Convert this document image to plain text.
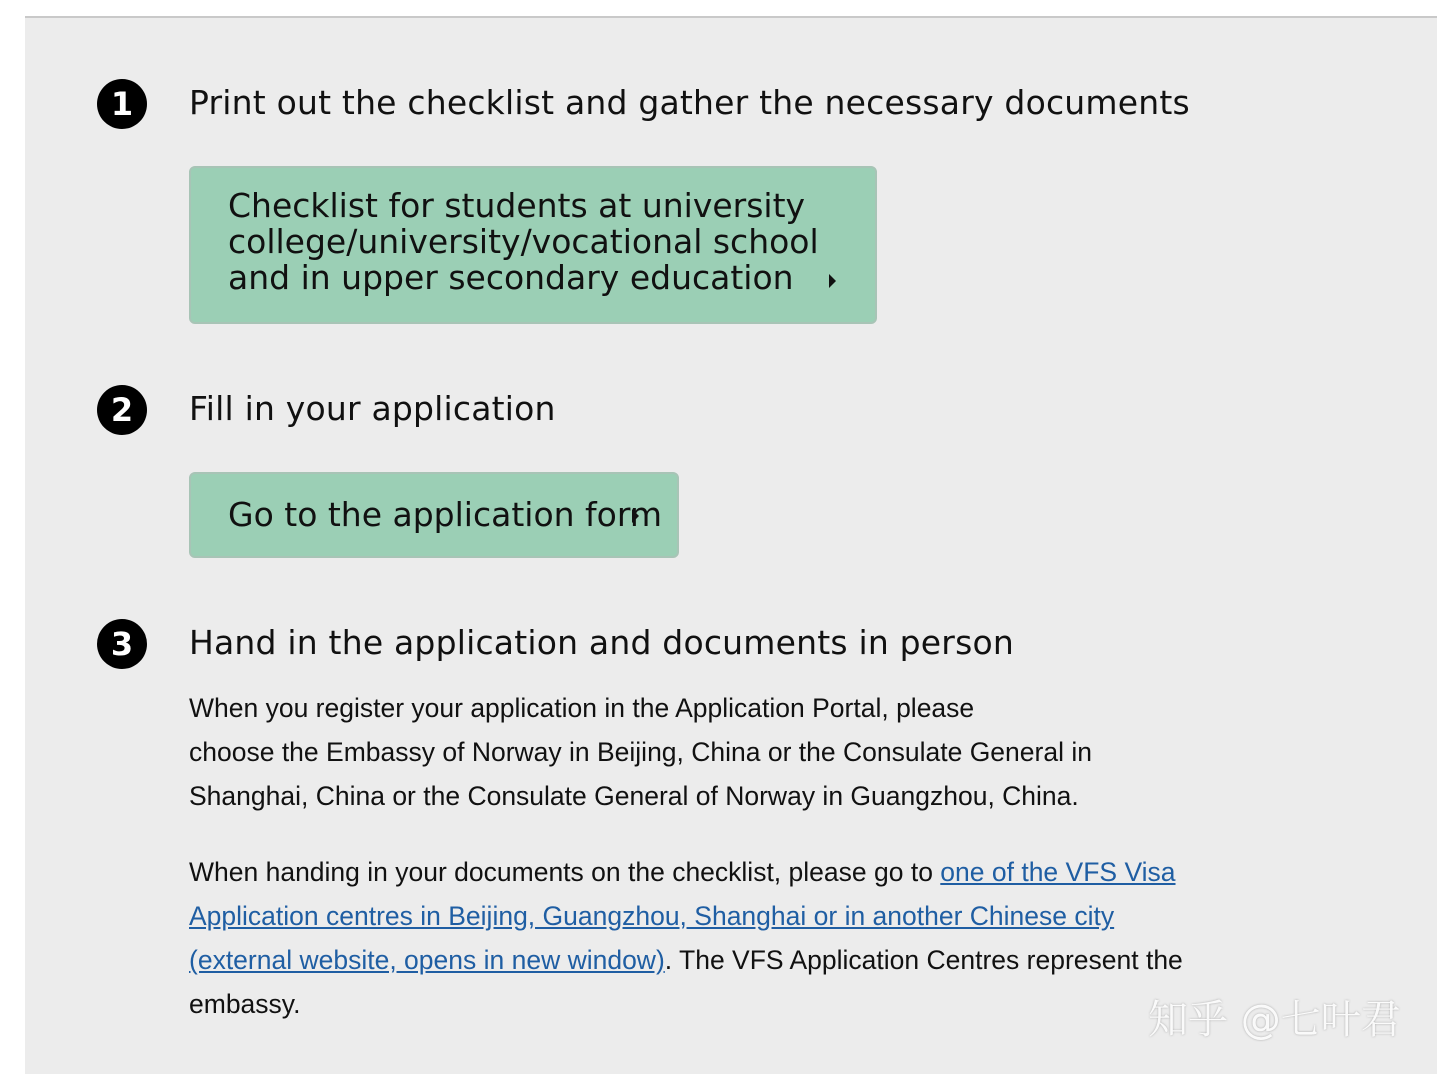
1	Print out the checklist and gather the necessary documents
Checklist for students at university
college/university/vocational school
and in upper secondary education
2	Fill in your application
Go to the application form
3	Hand in the application and documents in person
When you register your application in the Application Portal, please
choose the Embassy of Norway in Beijing, China or the Consulate General in
Shanghai, China or the Consulate General of Norway in Guangzhou, China.
When handing in your documents on the checklist, please go to one of the VFS Visa
Application centres in Beijing, Guangzhou, Shanghai or in another Chinese city
(external website, opens in new window). The VFS Application Centres represent the
embassy.	知乎 @七叶君
